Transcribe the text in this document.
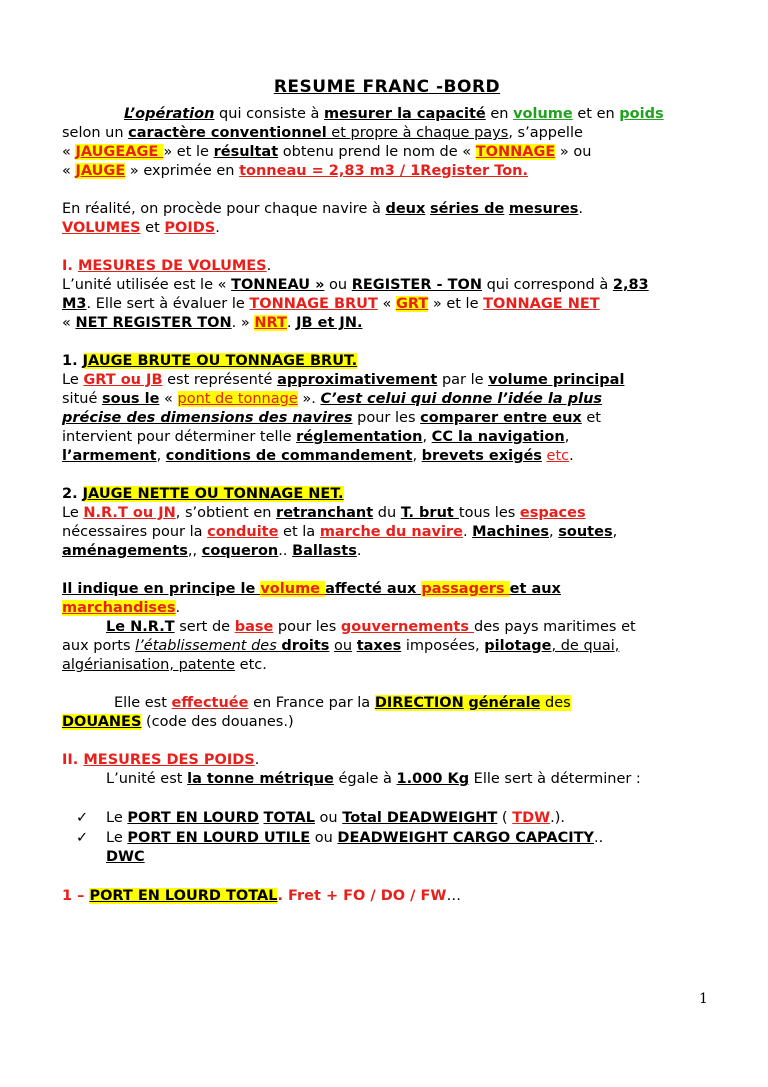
RESUME FRANC -BORD

L’opération qui consiste à mesurer la capacité en volume et en poids

selon un caractère conventionnel et propre à chaque pays, s’appelle

« JAUGEAGE » et le résultat obtenu prend le nom de « TONNAGE » ou

« JAUGE » exprimée en tonneau = 2,83 m3 / 1Register Ton.

En réalité, on procède pour chaque navire à deux séries de mesures.

VOLUMES et POIDS.

I. MESURES DE VOLUMES.

L’unité utilisée est le « TONNEAU » ou REGISTER - TON qui correspond à 2,83

M3. Elle sert à évaluer le TONNAGE BRUT « GRT » et le TONNAGE NET

« NET REGISTER TON. » NRT. JB et JN.

1. JAUGE BRUTE OU TONNAGE BRUT.

Le GRT ou JB est représenté approximativement par le volume principal

situé sous le « pont de tonnage ». C’est celui qui donne l’idée la plus

précise des dimensions des navires pour les comparer entre eux et

intervient pour déterminer telle réglementation, CC la navigation,

l’armement, conditions de commandement, brevets exigés etc.

2. JAUGE NETTE OU TONNAGE NET.

Le N.R.T ou JN, s’obtient en retranchant du T. brut tous les espaces

nécessaires pour la conduite et la marche du navire. Machines, soutes,

aménagements,, coqueron.. Ballasts.

Il indique en principe le volume affecté aux passagers et aux

marchandises.

Le N.R.T sert de base pour les gouvernements des pays maritimes et

aux ports l’établissement des droits ou taxes imposées, pilotage, de quai,

algérianisation, patente etc.

Elle est effectuée en France par la DIRECTION générale des

DOUANES (code des douanes.)

II. MESURES DES POIDS.

L’unité est la tonne métrique égale à 1.000 Kg Elle sert à déterminer :

✓ Le PORT EN LOURD TOTAL ou Total DEADWEIGHT ( TDW.).
✓ Le PORT EN LOURD UTILE ou DEADWEIGHT CARGO CAPACITY..
DWC

1 – PORT EN LOURD TOTAL. Fret + FO / DO / FW…

1
